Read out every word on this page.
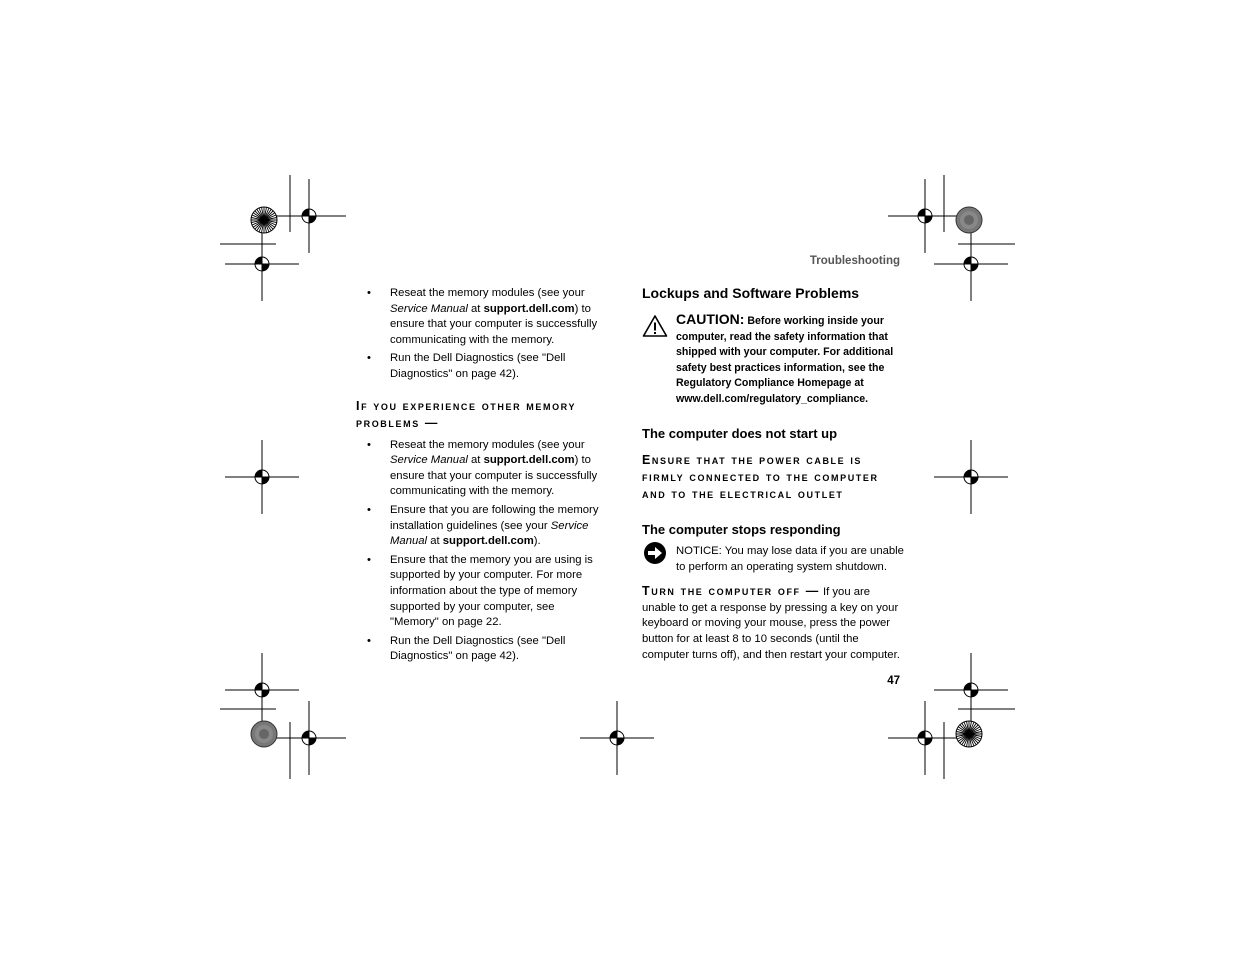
Troubleshooting
• Reseat the memory modules (see your Service Manual at support.dell.com) to ensure that your computer is successfully communicating with the memory.
• Run the Dell Diagnostics (see "Dell Diagnostics" on page 42).
If you experience other memory
problems —
• Reseat the memory modules (see your Service Manual at support.dell.com) to ensure that your computer is successfully communicating with the memory.
• Ensure that you are following the memory installation guidelines (see your Service Manual at support.dell.com).
• Ensure that the memory you are using is supported by your computer. For more information about the type of memory supported by your computer, see "Memory" on page 22.
• Run the Dell Diagnostics (see "Dell Diagnostics" on page 42).
Lockups and Software Problems
CAUTION: Before working inside your computer, read the safety information that shipped with your computer. For additional safety best practices information, see the Regulatory Compliance Homepage at www.dell.com/regulatory_compliance.
The computer does not start up
Ensure that the power cable is
firmly connected to the computer
and to the electrical outlet
The computer stops responding
NOTICE: You may lose data if you are unable to perform an operating system shutdown.
Turn the computer off — If you are unable to get a response by pressing a key on your keyboard or moving your mouse, press the power button for at least 8 to 10 seconds (until the computer turns off), and then restart your computer.
47
